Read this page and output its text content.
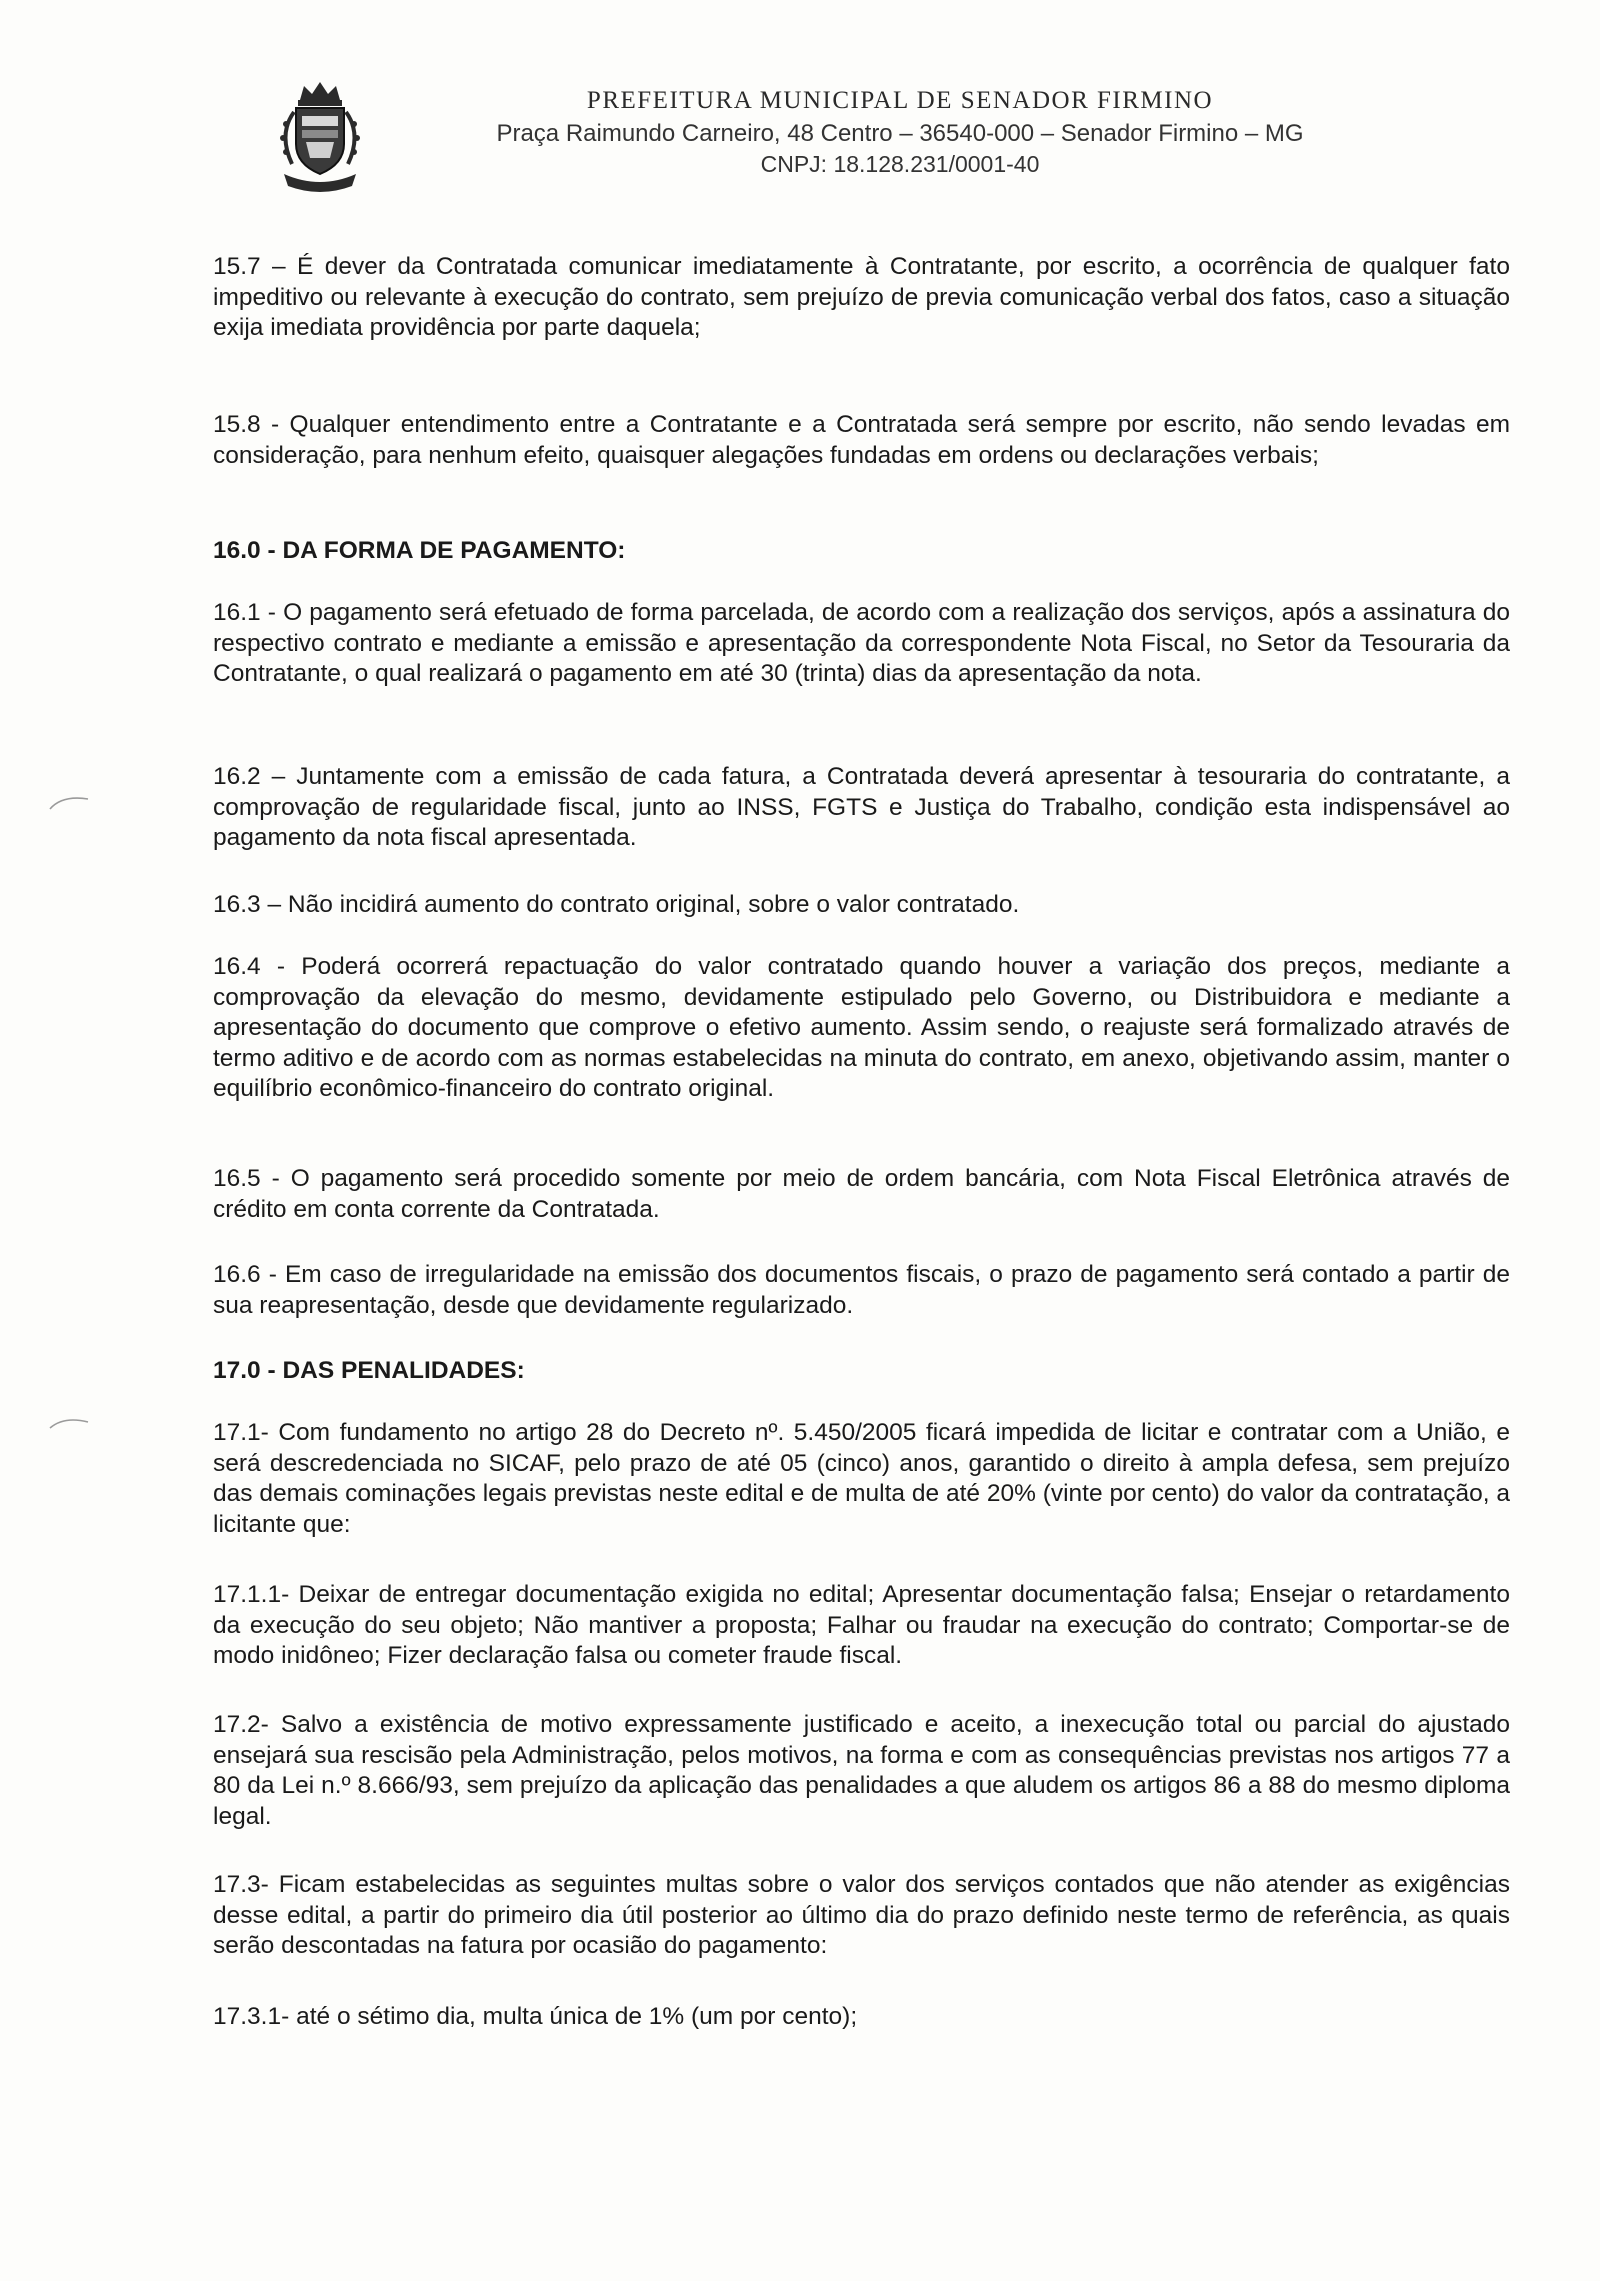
PREFEITURA MUNICIPAL DE SENADOR FIRMINO
Praça Raimundo Carneiro, 48 Centro – 36540-000 – Senador Firmino – MG
CNPJ: 18.128.231/0001-40

15.7 – É dever da Contratada comunicar imediatamente à Contratante, por escrito, a ocorrência de qualquer fato impeditivo ou relevante à execução do contrato, sem prejuízo de previa comunicação verbal dos fatos, caso a situação exija imediata providência por parte daquela;

15.8 - Qualquer entendimento entre a Contratante e a Contratada será sempre por escrito, não sendo levadas em consideração, para nenhum efeito, quaisquer alegações fundadas em ordens ou declarações verbais;

16.0 - DA FORMA DE PAGAMENTO:

16.1 - O pagamento será efetuado de forma parcelada, de acordo com a realização dos serviços, após a assinatura do respectivo contrato e mediante a emissão e apresentação da correspondente Nota Fiscal, no Setor da Tesouraria da Contratante, o qual realizará o pagamento em até 30 (trinta) dias da apresentação da nota.

16.2 – Juntamente com a emissão de cada fatura, a Contratada deverá apresentar à tesouraria do contratante, a comprovação de regularidade fiscal, junto ao INSS, FGTS e Justiça do Trabalho, condição esta indispensável ao pagamento da nota fiscal apresentada.

16.3 – Não incidirá aumento do contrato original, sobre o valor contratado.

16.4 - Poderá ocorrerá repactuação do valor contratado quando houver a variação dos preços, mediante a comprovação da elevação do mesmo, devidamente estipulado pelo Governo, ou Distribuidora e mediante a apresentação do documento que comprove o efetivo aumento. Assim sendo, o reajuste será formalizado através de termo aditivo e de acordo com as normas estabelecidas na minuta do contrato, em anexo, objetivando assim, manter o equilíbrio econômico-financeiro do contrato original.

16.5 - O pagamento será procedido somente por meio de ordem bancária, com Nota Fiscal Eletrônica através de crédito em conta corrente da Contratada.

16.6 - Em caso de irregularidade na emissão dos documentos fiscais, o prazo de pagamento será contado a partir de sua reapresentação, desde que devidamente regularizado.

17.0 - DAS PENALIDADES:

17.1- Com fundamento no artigo 28 do Decreto nº. 5.450/2005 ficará impedida de licitar e contratar com a União, e será descredenciada no SICAF, pelo prazo de até 05 (cinco) anos, garantido o direito à ampla defesa, sem prejuízo das demais cominações legais previstas neste edital e de multa de até 20% (vinte por cento) do valor da contratação, a licitante que:

17.1.1- Deixar de entregar documentação exigida no edital; Apresentar documentação falsa; Ensejar o retardamento da execução do seu objeto; Não mantiver a proposta; Falhar ou fraudar na execução do contrato; Comportar-se de modo inidôneo; Fizer declaração falsa ou cometer fraude fiscal.

17.2- Salvo a existência de motivo expressamente justificado e aceito, a inexecução total ou parcial do ajustado ensejará sua rescisão pela Administração, pelos motivos, na forma e com as consequências previstas nos artigos 77 a 80 da Lei n.º 8.666/93, sem prejuízo da aplicação das penalidades a que aludem os artigos 86 a 88 do mesmo diploma legal.

17.3- Ficam estabelecidas as seguintes multas sobre o valor dos serviços contados que não atender as exigências desse edital, a partir do primeiro dia útil posterior ao último dia do prazo definido neste termo de referência, as quais serão descontadas na fatura por ocasião do pagamento:

17.3.1- até o sétimo dia, multa única de 1% (um por cento);
